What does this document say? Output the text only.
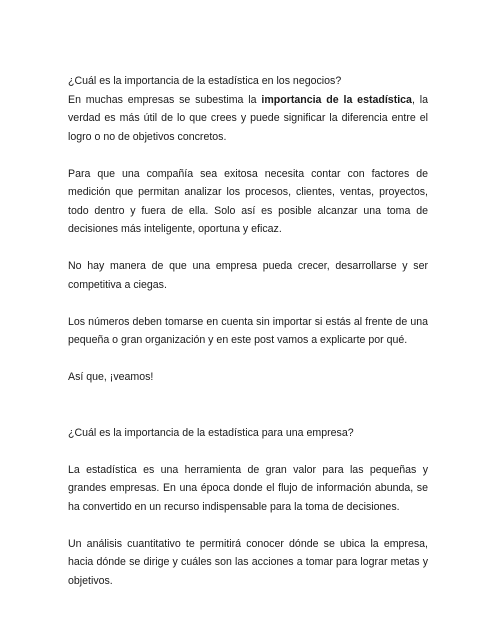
¿Cuál es la importancia de la estadística en los negocios?

En muchas empresas se subestima la importancia de la estadística, la verdad es más útil de lo que crees y puede significar la diferencia entre el logro o no de objetivos concretos.

Para que una compañía sea exitosa necesita contar con factores de medición que permitan analizar los procesos, clientes, ventas, proyectos, todo dentro y fuera de ella. Solo así es posible alcanzar una toma de decisiones más inteligente, oportuna y eficaz.

No hay manera de que una empresa pueda crecer, desarrollarse y ser competitiva a ciegas.

Los números deben tomarse en cuenta sin importar si estás al frente de una pequeña o gran organización y en este post vamos a explicarte por qué.

Así que, ¡veamos!

¿Cuál es la importancia de la estadística para una empresa?

La estadística es una herramienta de gran valor para las pequeñas y grandes empresas. En una época donde el flujo de información abunda, se ha convertido en un recurso indispensable para la toma de decisiones.

Un análisis cuantitativo te permitirá conocer dónde se ubica la empresa, hacia dónde se dirige y cuáles son las acciones a tomar para lograr metas y objetivos.
